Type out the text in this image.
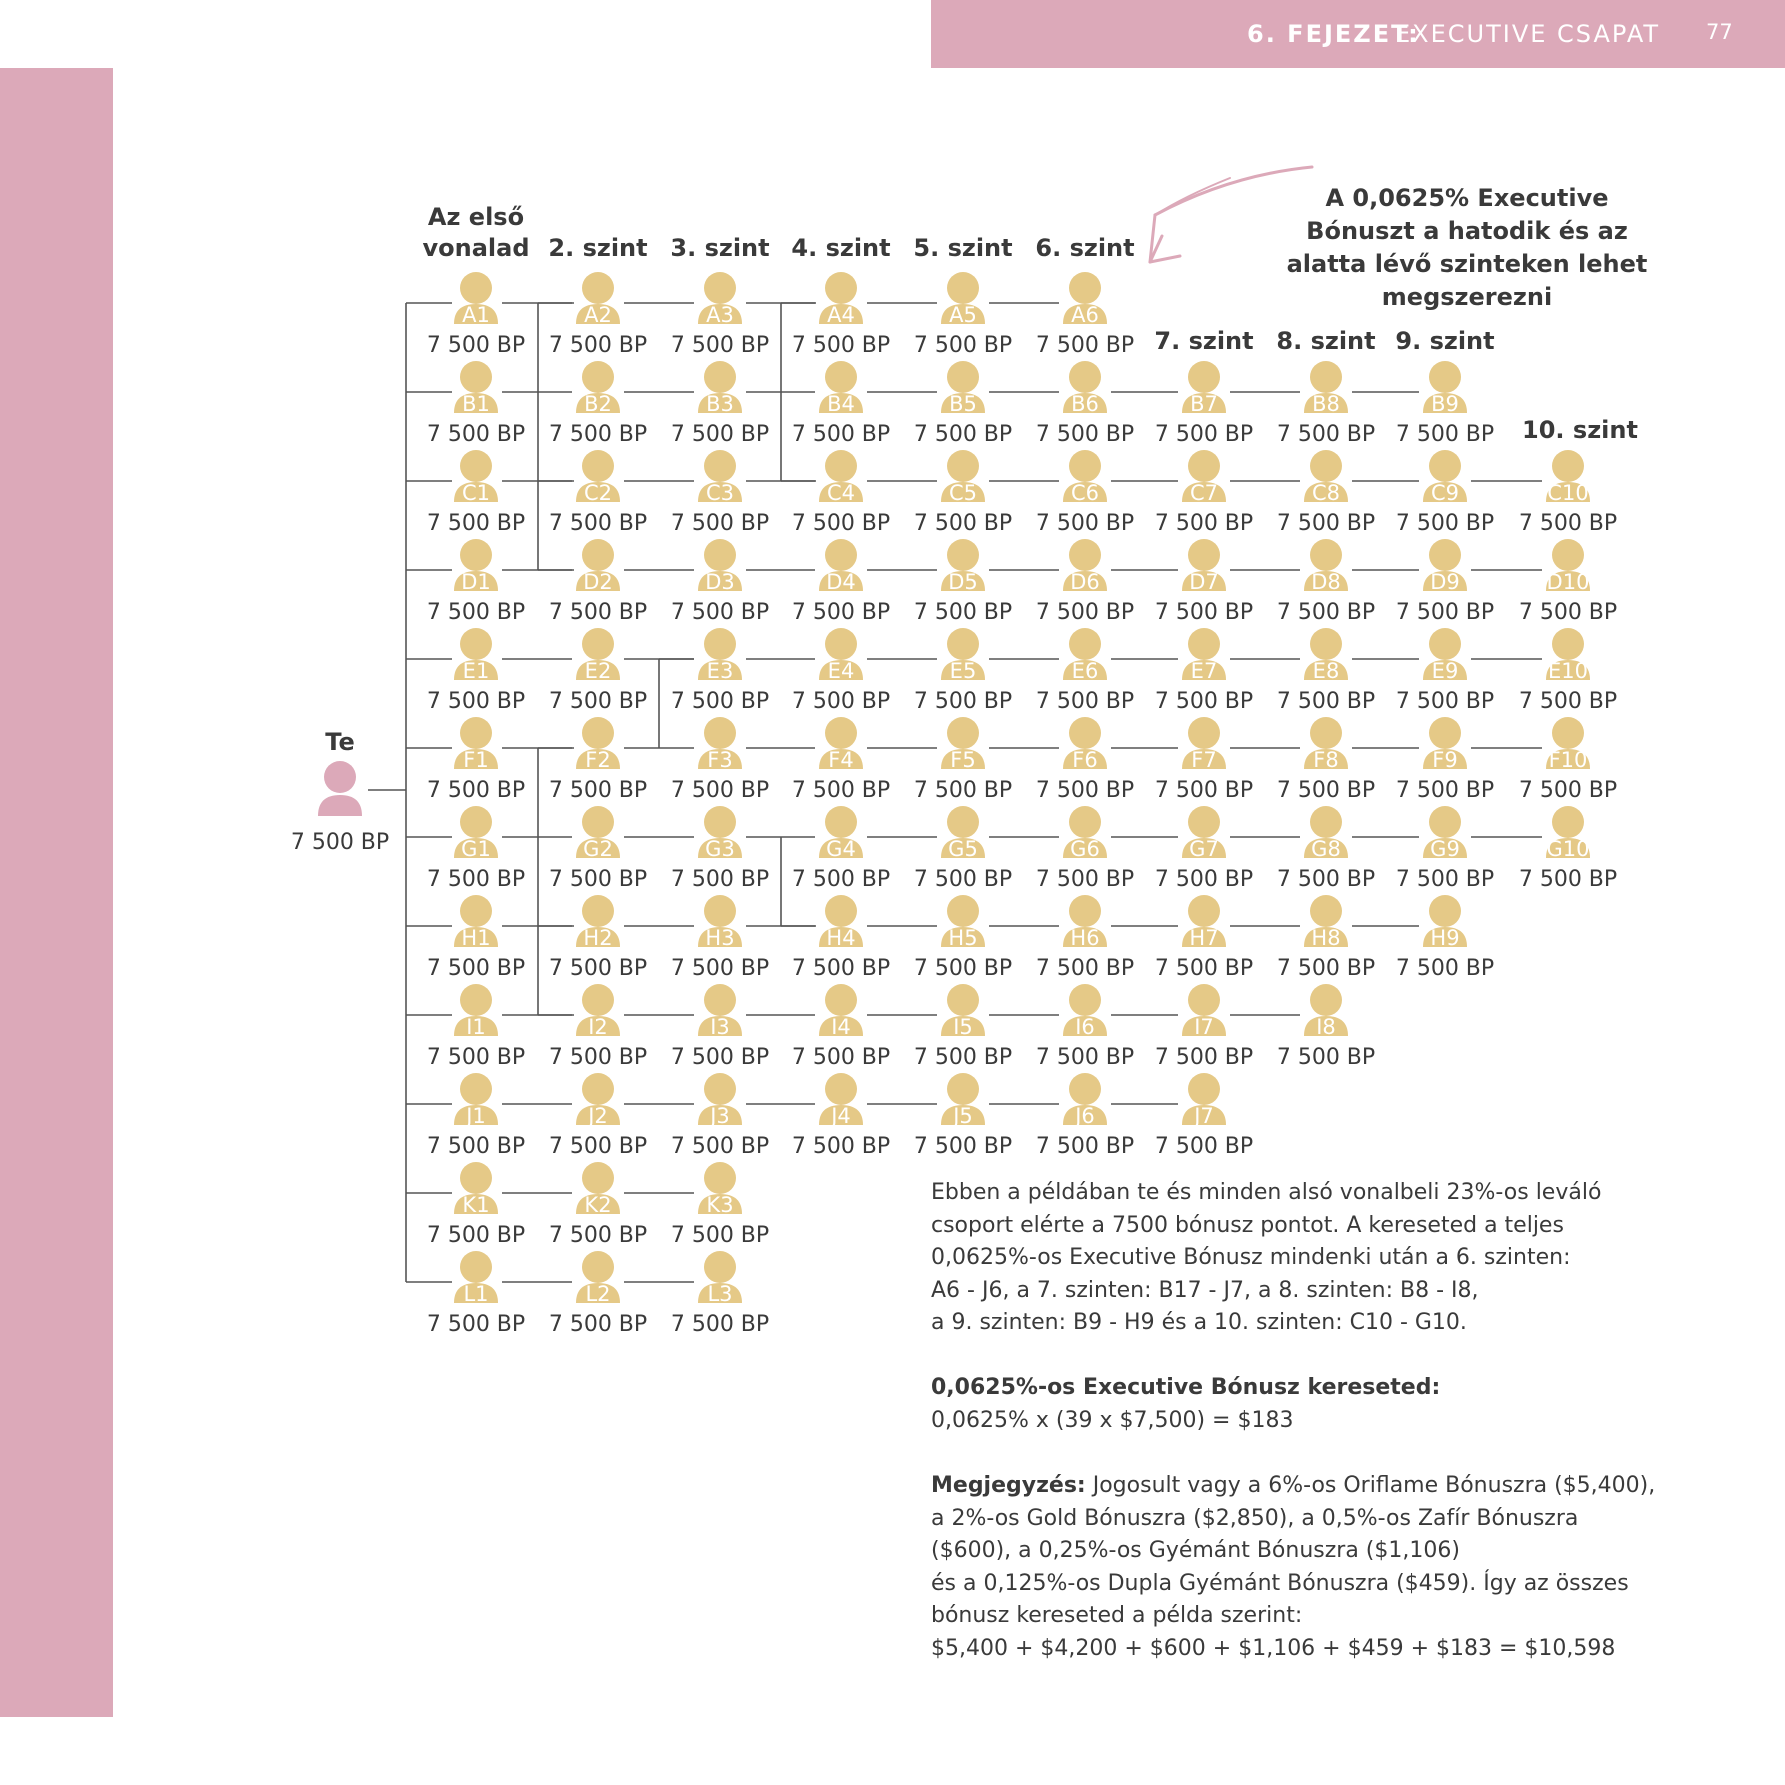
6. FEJEZET:
EXECUTIVE CSAPAT 77
Az első
vonalad 2. szint 3. szint 4. szint 5. szint 6. szint
7. szint 8. szint 9. szint
10. szint
Te
7 500 BP
A1
7 500 BP
A2
7 500 BP
A3
7 500 BP
A4
7 500 BP
A5
7 500 BP
A6
7 500 BP
B1
7 500 BP
B2
7 500 BP
B3
7 500 BP
B4
7 500 BP
B5
7 500 BP
B6
7 500 BP
B7
7 500 BP
B8
7 500 BP
B9
7 500 BP
C1
7 500 BP
C2
7 500 BP
C3
7 500 BP
C4
7 500 BP
C5
7 500 BP
C6
7 500 BP
C7
7 500 BP
C8
7 500 BP
C9
7 500 BP
C10
7 500 BP
D1
7 500 BP
D2
7 500 BP
D3
7 500 BP
D4
7 500 BP
D5
7 500 BP
D6
7 500 BP
D7
7 500 BP
D8
7 500 BP
D9
7 500 BP
D10
7 500 BP
E1
7 500 BP
E2
7 500 BP
E3
7 500 BP
E4
7 500 BP
E5
7 500 BP
E6
7 500 BP
E7
7 500 BP
E8
7 500 BP
E9
7 500 BP
E10
7 500 BP
F1
7 500 BP
F2
7 500 BP
F3
7 500 BP
F4
7 500 BP
F5
7 500 BP
F6
7 500 BP
F7
7 500 BP
F8
7 500 BP
F9
7 500 BP
F10
7 500 BP
G1
7 500 BP
G2
7 500 BP
G3
7 500 BP
G4
7 500 BP
G5
7 500 BP
G6
7 500 BP
G7
7 500 BP
G8
7 500 BP
G9
7 500 BP
G10
7 500 BP
H1
7 500 BP
H2
7 500 BP
H3
7 500 BP
H4
7 500 BP
H5
7 500 BP
H6
7 500 BP
H7
7 500 BP
H8
7 500 BP
H9
7 500 BP
I1
7 500 BP
I2
7 500 BP
I3
7 500 BP
I4
7 500 BP
I5
7 500 BP
I6
7 500 BP
I7
7 500 BP
I8
7 500 BP
J1
7 500 BP
J2
7 500 BP
J3
7 500 BP
J4
7 500 BP
J5
7 500 BP
J6
7 500 BP
J7
7 500 BP
K1
7 500 BP
K2
7 500 BP
K3
7 500 BP
L1
7 500 BP
L2
7 500 BP
L3
7 500 BP
A 0,0625% Executive Bónuszt a hatodik és az alatta lévő szinteken lehet megszerezni
Ebben a példában te és minden alsó vonalbeli 23%-os leváló
csoport elérte a 7500 bónusz pontot. A kereseted a teljes
0,0625%-os Executive Bónusz mindenki után a 6. szinten:
A6 - J6, a 7. szinten: B17 - J7, a 8. szinten: B8 - I8,
a 9. szinten: B9 - H9 és a 10. szinten: C10 - G10.
0,0625%-os Executive Bónusz kereseted:
0,0625% x (39 x $7,500) = $183
Megjegyzés: Jogosult vagy a 6%-os Oriflame Bónuszra ($5,400),
a 2%-os Gold Bónuszra ($2,850), a 0,5%-os Zafír Bónuszra
($600), a 0,25%-os Gyémánt Bónuszra ($1,106)
és a 0,125%-os Dupla Gyémánt Bónuszra ($459). Így az összes
bónusz kereseted a példa szerint:
$5,400 + $4,200 + $600 + $1,106 + $459 + $183 = $10,598
